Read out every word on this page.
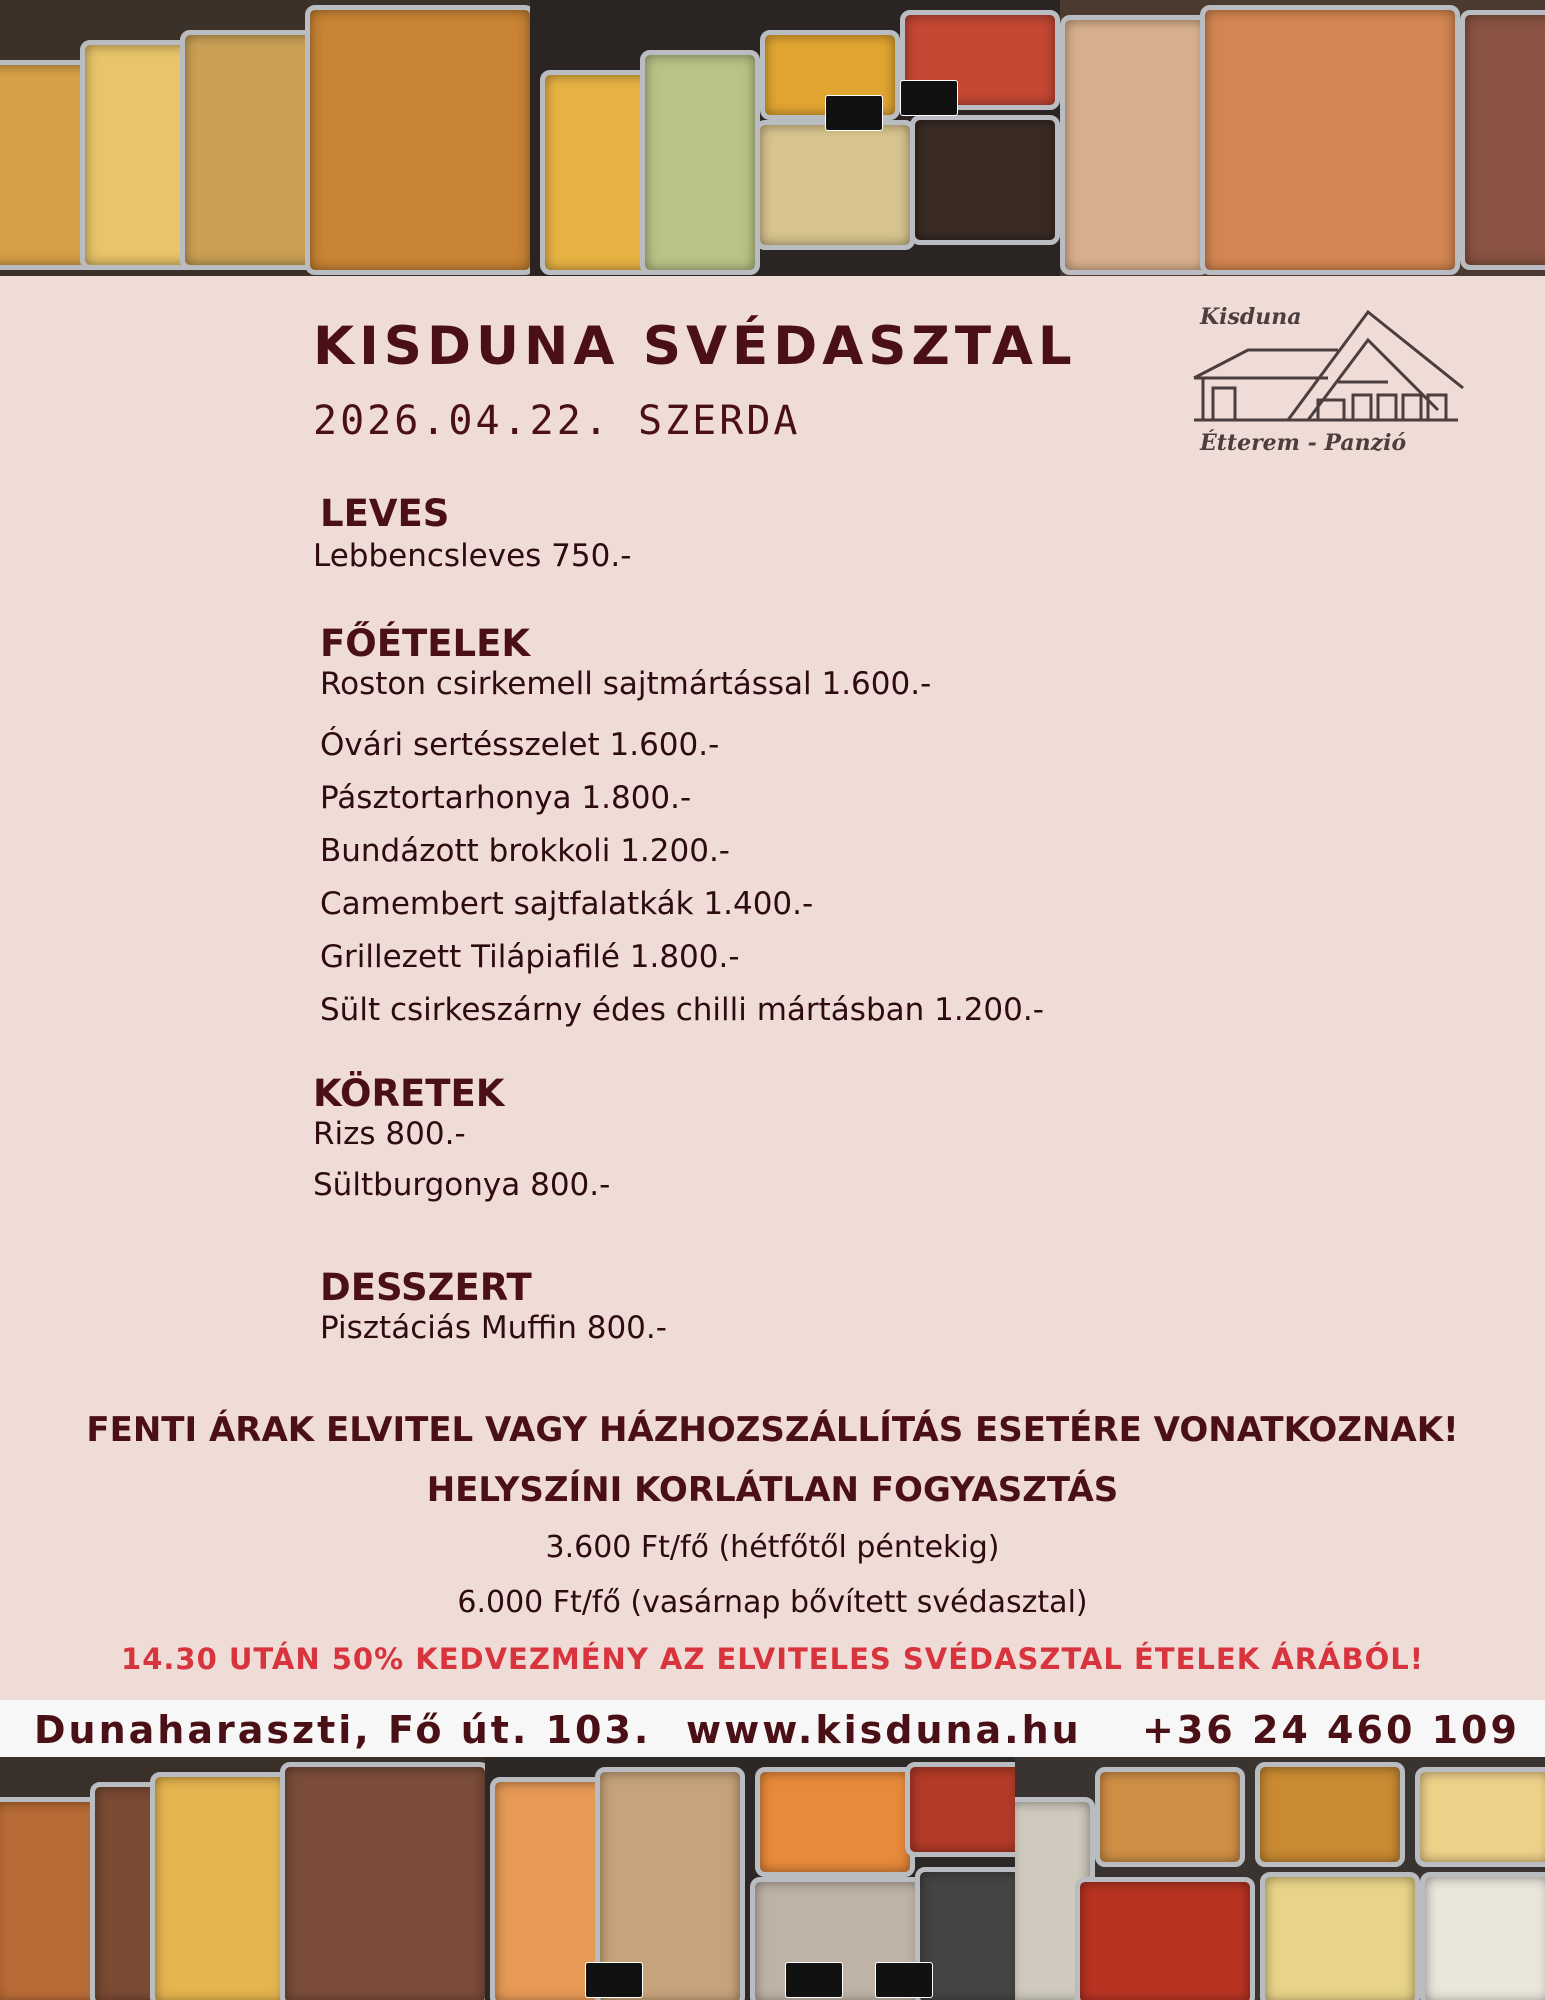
KISDUNA SVÉDASZTAL
2026.04.22. SZERDA
Kisduna
Étterem - Panzió
LEVES
Lebbencsleves 750.-
FŐÉTELEK
Roston csirkemell sajtmártással 1.600.-
Óvári sertésszelet 1.600.-
Pásztortarhonya 1.800.-
Bundázott brokkoli 1.200.-
Camembert sajtfalatkák 1.400.-
Grillezett Tilápiafilé 1.800.-
Sült csirkeszárny édes chilli mártásban 1.200.-
KÖRETEK
Rizs 800.-
Sültburgonya 800.-
DESSZERT
Pisztáciás Muffin 800.-
FENTI ÁRAK ELVITEL VAGY HÁZHOZSZÁLLÍTÁS ESETÉRE VONATKOZNAK!
HELYSZÍNI KORLÁTLAN FOGYASZTÁS
3.600 Ft/fő (hétfőtől péntekig)
6.000 Ft/fő (vasárnap bővített svédasztal)
14.30 UTÁN 50% KEDVEZMÉNY AZ ELVITELES SVÉDASZTAL ÉTELEK ÁRÁBÓL!
Dunaharaszti, Fő út. 103. www.kisduna.hu +36 24 460 109
